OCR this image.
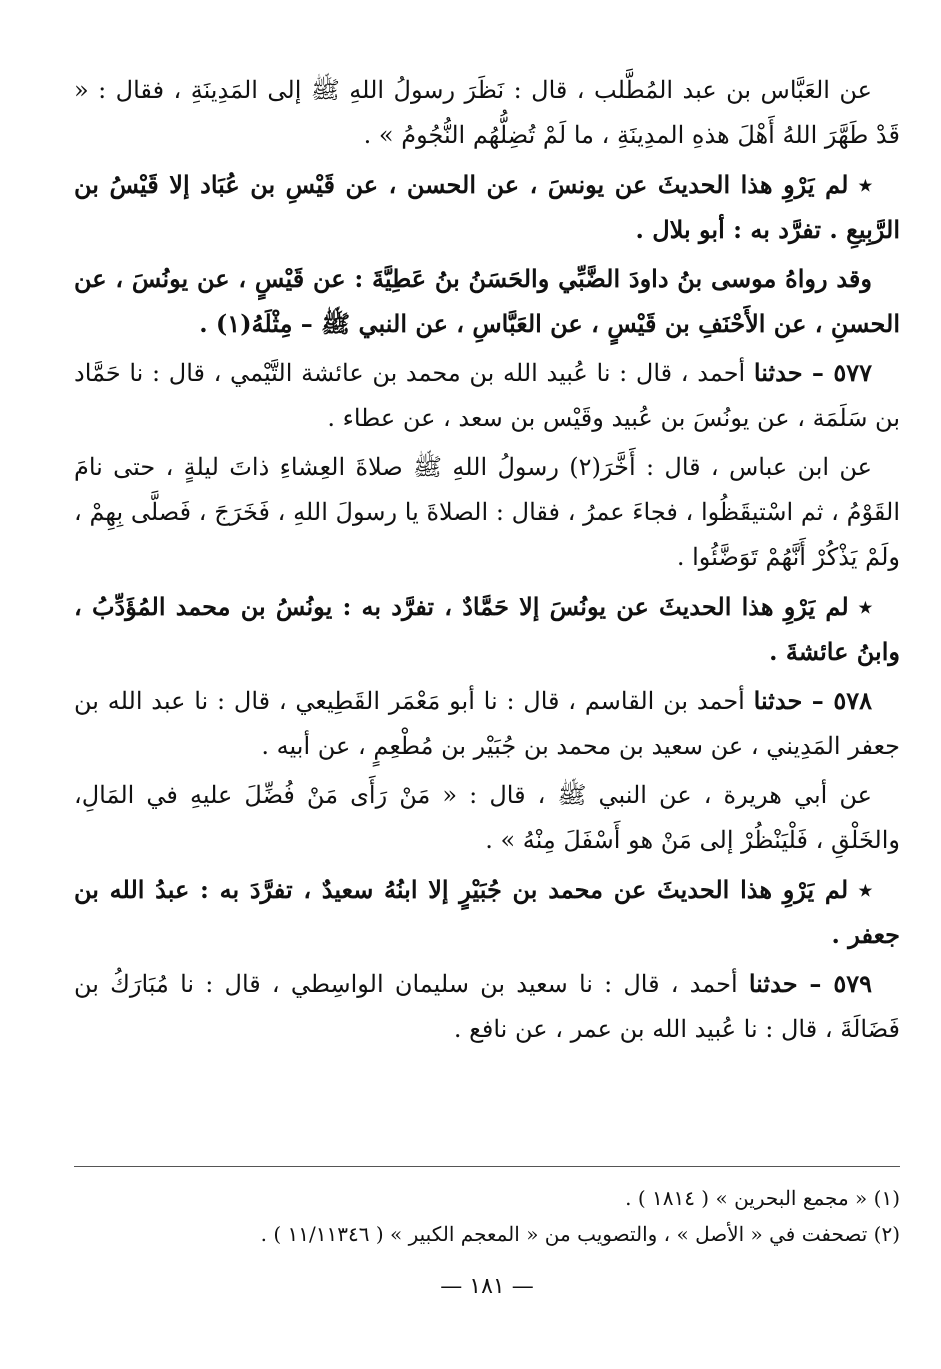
عن العَبَّاس بن عبد المُطَّلب ، قال : نَظَرَ رسولُ اللهِ ﷺ إلى المَدِينَةِ ، فقال : « قَدْ طَهَّرَ اللهُ أَهْلَ هذهِ المدِينَةِ ، ما لَمْ تُضِلُّهُم النُّجُومُ » .

٭ لم يَرْوِ هذا الحديثَ عن يونسَ ، عن الحسن ، عن قَيْسِ بن عُبَاد إلا قَيْسُ بن الرَّبِيعِ . تفرَّد به : أبو بلال .

وقد رواهُ موسى بنُ داودَ الضَّبِّي والحَسَنُ بنُ عَطِيَّةَ : عن قَيْسٍ ، عن يونُسَ ، عن الحسنِ ، عن الأَحْنَفِ بن قَيْسٍ ، عن العَبَّاسِ ، عن النبي ﷺ – مِثْلَهُ(١) .

٥٧٧ – حدثنا أحمد ، قال : نا عُبيد الله بن محمد بن عائشة التَّيْمي ، قال : نا حَمَّاد بن سَلَمَة ، عن يونُسَ بن عُبيد وقَيْس بن سعد ، عن عطاء .

عن ابن عباس ، قال : أَخَّرَ(٢) رسولُ اللهِ ﷺ صلاةَ العِشاءِ ذاتَ ليلةٍ ، حتى نامَ القَوْمُ ، ثم اسْتيقَظُوا ، فجاءَ عمرُ ، فقال : الصلاةَ يا رسولَ اللهِ ، فَخَرَجَ ، فَصلَّى بِهِمْ ، ولَمْ يَذْكُرْ أَنَّهُمْ تَوَضَّئُوا .

٭ لم يَرْوِ هذا الحديثَ عن يونُسَ إلا حَمَّادٌ ، تفرَّد به : يونُسُ بن محمد المُؤَدِّبُ ، وابنُ عائشةَ .

٥٧٨ – حدثنا أحمد بن القاسم ، قال : نا أبو مَعْمَر القَطِيعي ، قال : نا عبد الله بن جعفر المَدِيني ، عن سعيد بن محمد بن جُبَيْر بن مُطْعِمٍ ، عن أبيه .

عن أبي هريرة ، عن النبي ﷺ ، قال : « مَنْ رَأَى مَنْ فُضِّلَ عليهِ في المَالِ، والخَلْقِ ، فَلْيَنْظُرْ إلى مَنْ هو أَسْفَلَ مِنْهُ » .

٭ لم يَرْوِ هذا الحديثَ عن محمد بن جُبَيْرٍ إلا ابنُهُ سعيدٌ ، تفرَّدَ به : عبدُ الله بن جعفر .

٥٧٩ – حدثنا أحمد ، قال : نا سعيد بن سليمان الواسِطي ، قال : نا مُبَارَكُ بن فَضَالَةَ ، قال : نا عُبيد الله بن عمر ، عن نافع .

(١) « مجمع البحرين » ( ١٨١٤ ) .

(٢) تصحفت في « الأصل » ، والتصويب من « المعجم الكبير » ( ١١/١١٣٤٦ ) .

— ١٨١ —
